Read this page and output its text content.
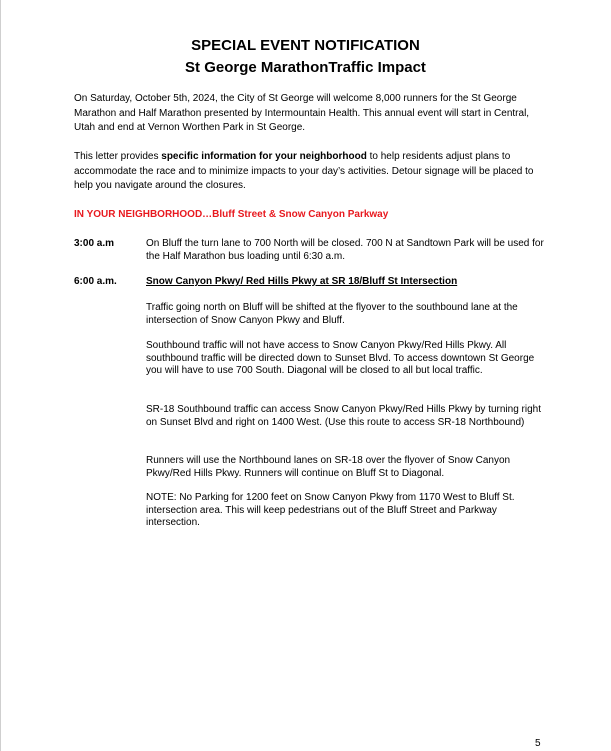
SPECIAL EVENT NOTIFICATION
St George MarathonTraffic Impact

On Saturday, October 5th, 2024, the City of St George will welcome 8,000 runners for the St George Marathon and Half Marathon presented by Intermountain Health. This annual event will start in Central, Utah and end at Vernon Worthen Park in St George.

This letter provides specific information for your neighborhood to help residents adjust plans to accommodate the race and to minimize impacts to your day’s activities. Detour signage will be placed to help you navigate around the closures.

IN YOUR NEIGHBORHOOD…Bluff Street & Snow Canyon Parkway

3:00 a.m	On Bluff the turn lane to 700 North will be closed. 700 N at Sandtown Park will be used for the Half Marathon bus loading until 6:30 a.m.

6:00 a.m.	Snow Canyon Pkwy/ Red Hills Pkwy at SR 18/Bluff St Intersection

Traffic going north on Bluff will be shifted at the flyover to the southbound lane at the intersection of Snow Canyon Pkwy and Bluff.

Southbound traffic will not have access to Snow Canyon Pkwy/Red Hills Pkwy. All southbound traffic will be directed down to Sunset Blvd. To access downtown St George you will have to use 700 South. Diagonal will be closed to all but local traffic.

SR-18 Southbound traffic can access Snow Canyon Pkwy/Red Hills Pkwy by turning right on Sunset Blvd and right on 1400 West. (Use this route to access SR-18 Northbound)

Runners will use the Northbound lanes on SR-18 over the flyover of Snow Canyon Pkwy/Red Hills Pkwy. Runners will continue on Bluff St to Diagonal.

NOTE: No Parking for 1200 feet on Snow Canyon Pkwy from 1170 West to Bluff St. intersection area. This will keep pedestrians out of the Bluff Street and Parkway intersection.

5
